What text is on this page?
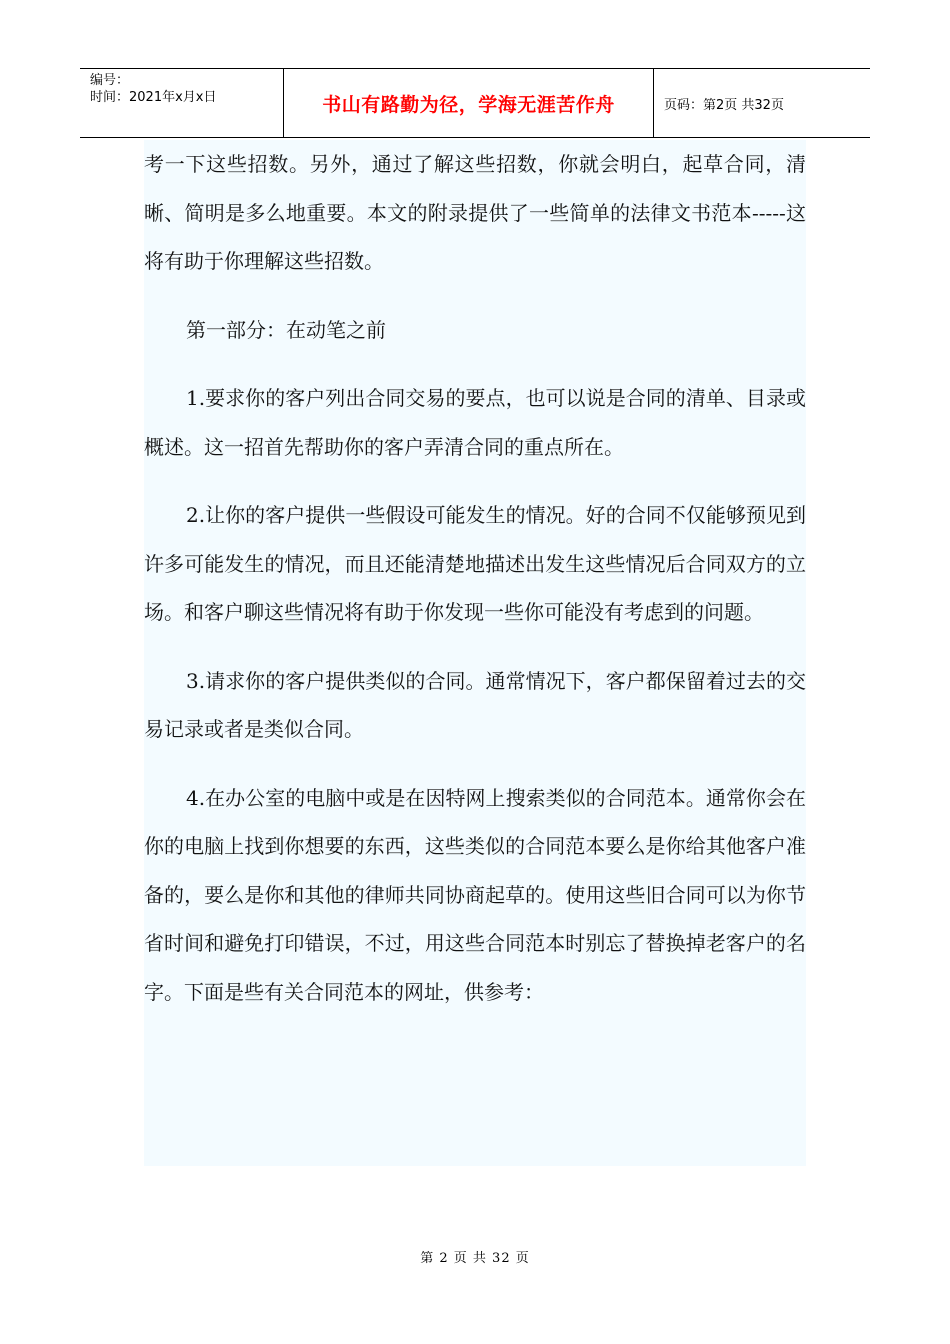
编号：
时间：2021年x月x日	书山有路勤为径，学海无涯苦作舟	页码：第2页 共32页

考一下这些招数。另外，通过了解这些招数，你就会明白，起草合同，清晰、简明是多么地重要。本文的附录提供了一些简单的法律文书范本-----这将有助于你理解这些招数。

第一部分：在动笔之前

1.要求你的客户列出合同交易的要点，也可以说是合同的清单、目录或概述。这一招首先帮助你的客户弄清合同的重点所在。

2.让你的客户提供一些假设可能发生的情况。好的合同不仅能够预见到许多可能发生的情况，而且还能清楚地描述出发生这些情况后合同双方的立场。和客户聊这些情况将有助于你发现一些你可能没有考虑到的问题。

3.请求你的客户提供类似的合同。通常情况下，客户都保留着过去的交易记录或者是类似合同。

4.在办公室的电脑中或是在因特网上搜索类似的合同范本。通常你会在你的电脑上找到你想要的东西，这些类似的合同范本要么是你给其他客户准备的，要么是你和其他的律师共同协商起草的。使用这些旧合同可以为你节省时间和避免打印错误，不过，用这些合同范本时别忘了替换掉老客户的名字。下面是些有关合同范本的网址，供参考：

第 2 页 共 32 页
